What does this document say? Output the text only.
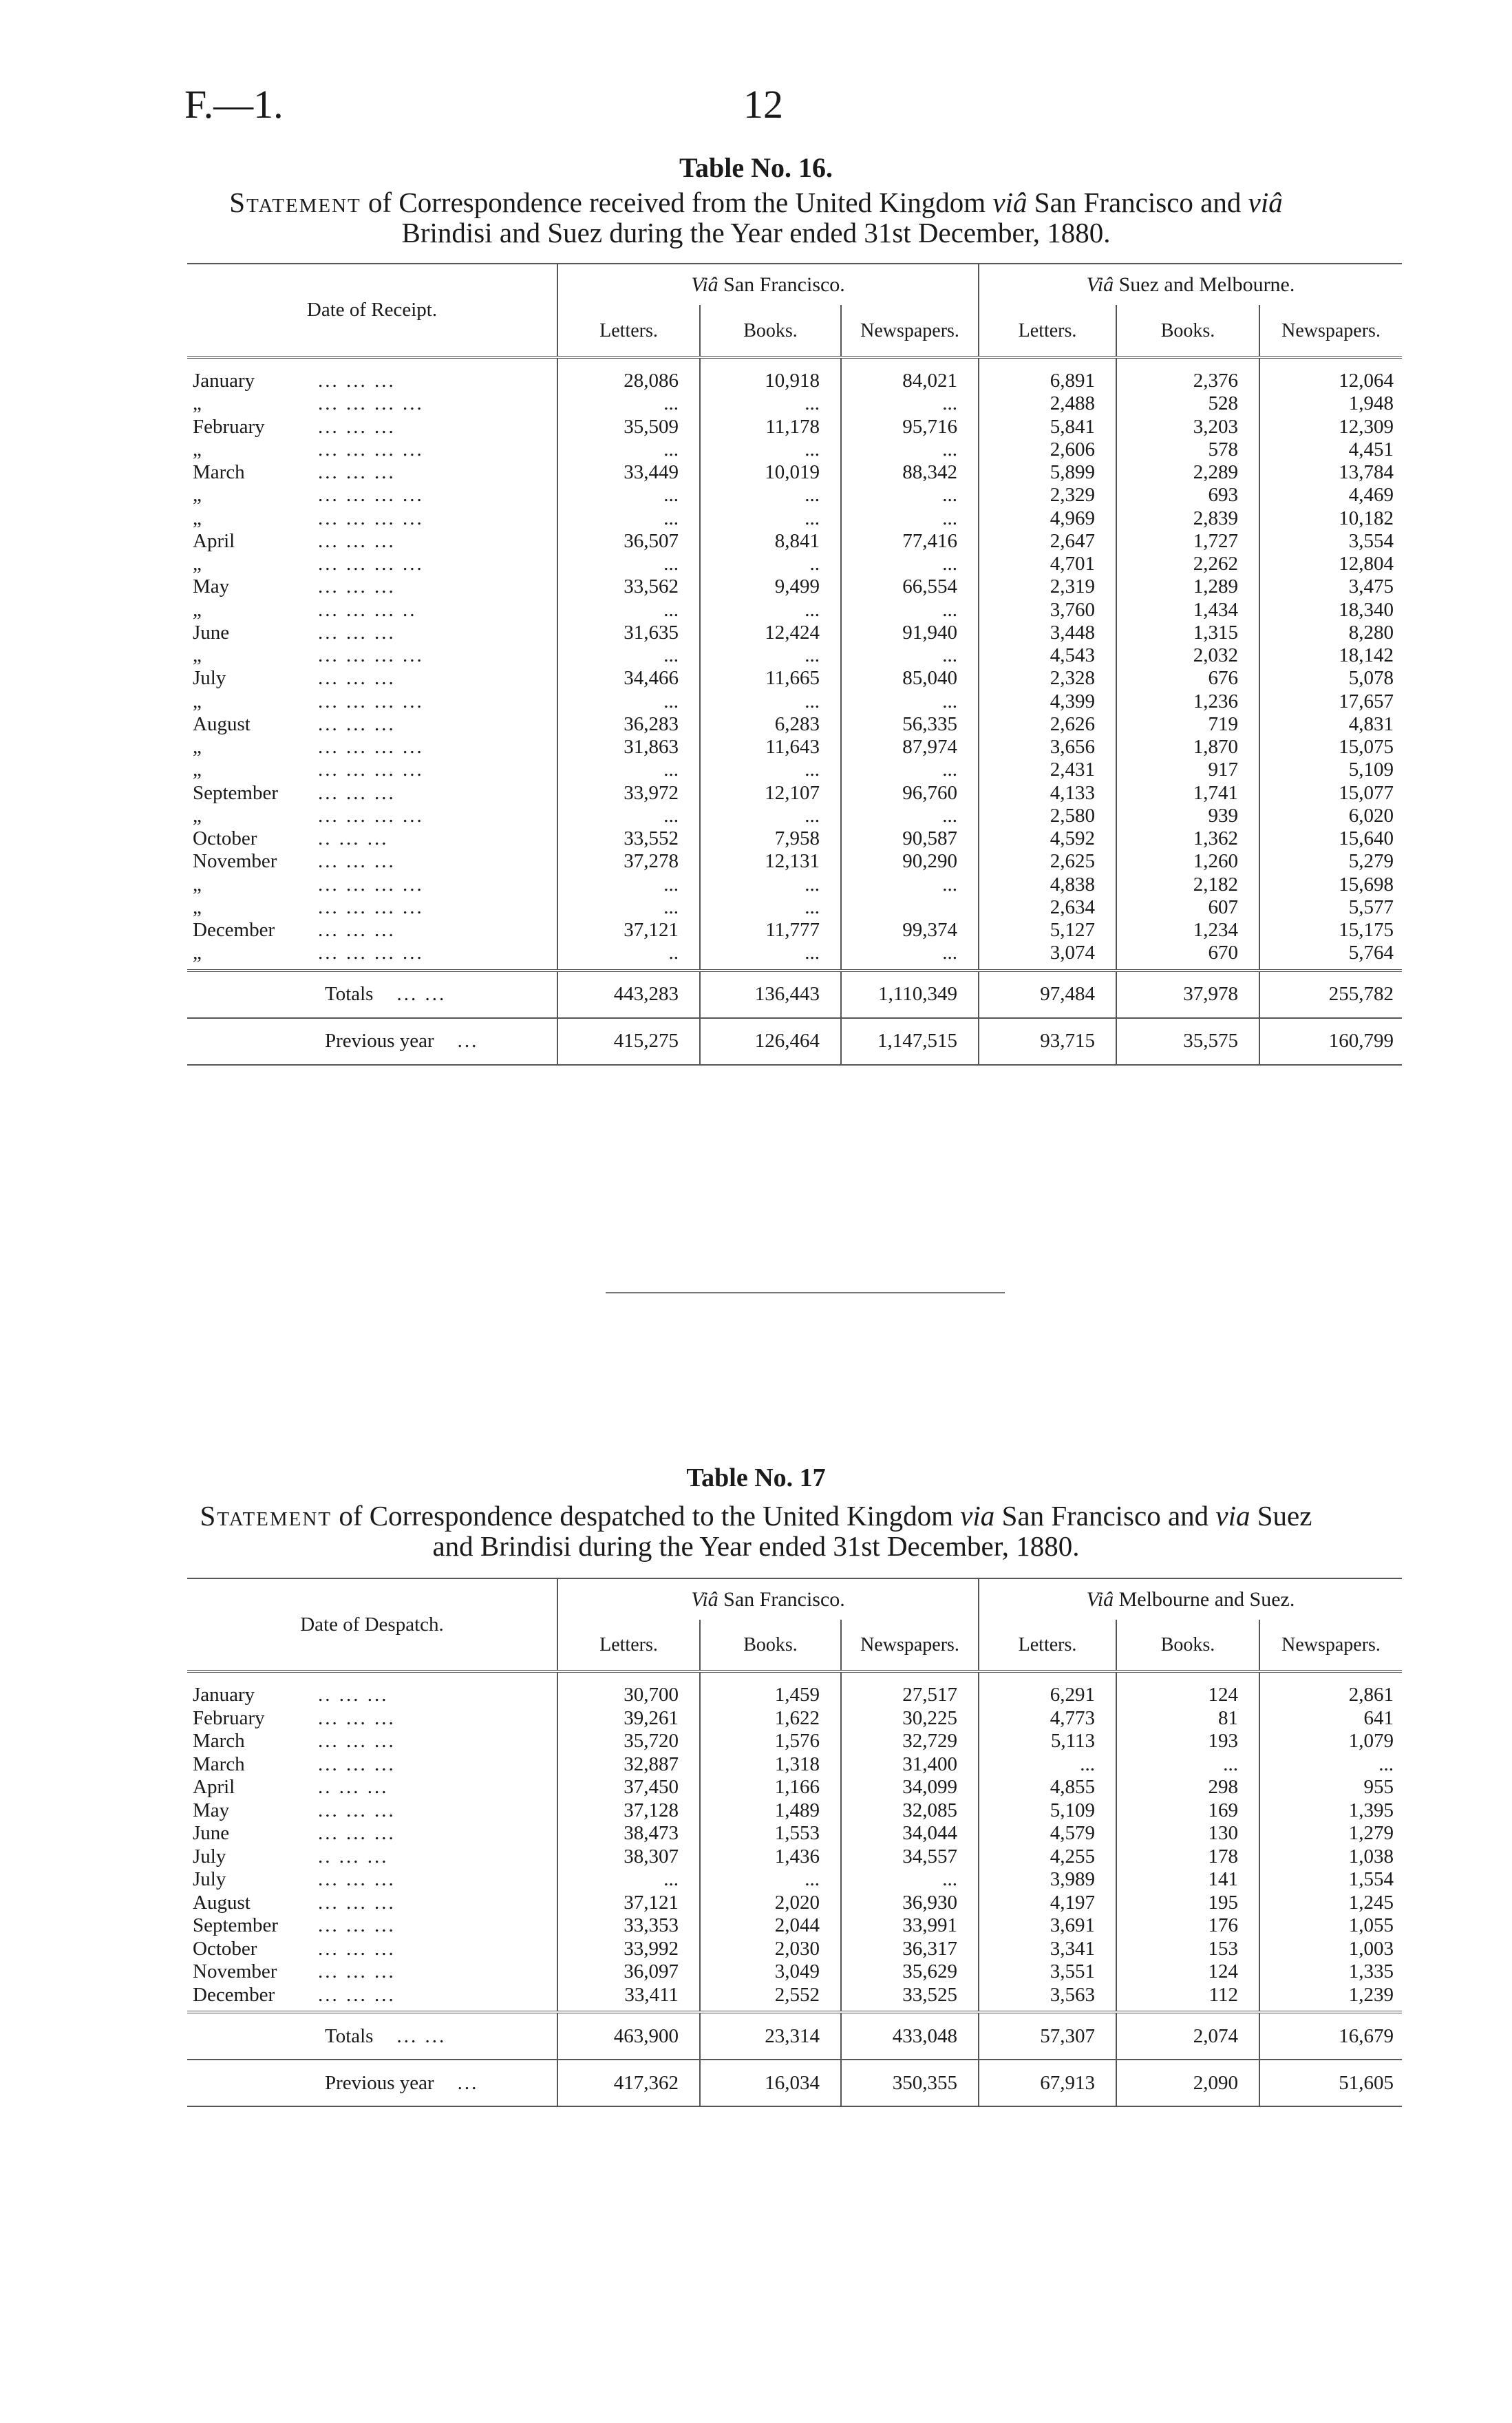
F.—1.	12
Table No. 16.
Statement of Correspondence received from the United Kingdom viâ San Francisco and viâ
Brindisi and Suez during the Year ended 31st December, 1880.
Date of Receipt.		Viâ San Francisco.			Viâ Suez and Melbourne.		
		Letters.	Books.	Newspapers.	Letters.	Books.	Newspapers.

January	... ... ...	28,086	10,918	84,021	6,891	2,376	12,064
„	... ... ... ...	...	...	...	2,488	528	1,948
February	... ... ...	35,509	11,178	95,716	5,841	3,203	12,309
„	... ... ... ...	...	...	...	2,606	578	4,451
March	... ... ...	33,449	10,019	88,342	5,899	2,289	13,784
„	... ... ... ...	...	...	...	2,329	693	4,469
„	... ... ... ...	...	...	...	4,969	2,839	10,182
April	... ... ...	36,507	8,841	77,416	2,647	1,727	3,554
„	... ... ... ...	...	..	...	4,701	2,262	12,804
May	... ... ...	33,562	9,499	66,554	2,319	1,289	3,475
„	... ... ... ..	...	...	...	3,760	1,434	18,340
June	... ... ...	31,635	12,424	91,940	3,448	1,315	8,280
„	... ... ... ...	...	...	...	4,543	2,032	18,142
July	... ... ...	34,466	11,665	85,040	2,328	676	5,078
„	... ... ... ...	...	...	...	4,399	1,236	17,657
August	... ... ...	36,283	6,283	56,335	2,626	719	4,831
„	... ... ... ...	31,863	11,643	87,974	3,656	1,870	15,075
„	... ... ... ...	...	...	...	2,431	917	5,109
September	... ... ...	33,972	12,107	96,760	4,133	1,741	15,077
„	... ... ... ...	...	...	...	2,580	939	6,020
October	.. ... ...	33,552	7,958	90,587	4,592	1,362	15,640
November	... ... ...	37,278	12,131	90,290	2,625	1,260	5,279
„	... ... ... ...	...	...	...	4,838	2,182	15,698
„	... ... ... ...	...	...		2,634	607	5,577
December	... ... ...	37,121	11,777	99,374	5,127	1,234	15,175
„	... ... ... ...	..	...	...	3,074	670	5,764

	Totals ... ...	443,283	136,443	1,110,349	97,484	37,978	255,782
	Previous year ...	415,275	126,464	1,147,515	93,715	35,575	160,799
Table No. 17
Statement of Correspondence despatched to the United Kingdom via San Francisco and via Suez
and Brindisi during the Year ended 31st December, 1880.
Date of Despatch.		Viâ San Francisco.			Viâ Melbourne and Suez.		
		Letters.	Books.	Newspapers.	Letters.	Books.	Newspapers.

January	.. ... ...	30,700	1,459	27,517	6,291	124	2,861
February	... ... ...	39,261	1,622	30,225	4,773	81	641
March	... ... ...	35,720	1,576	32,729	5,113	193	1,079
March	... ... ...	32,887	1,318	31,400	...	...	...
April	.. ... ...	37,450	1,166	34,099	4,855	298	955
May	... ... ...	37,128	1,489	32,085	5,109	169	1,395
June	... ... ...	38,473	1,553	34,044	4,579	130	1,279
July	.. ... ...	38,307	1,436	34,557	4,255	178	1,038
July	... ... ...	...	...	...	3,989	141	1,554
August	... ... ...	37,121	2,020	36,930	4,197	195	1,245
September	... ... ...	33,353	2,044	33,991	3,691	176	1,055
October	... ... ...	33,992	2,030	36,317	3,341	153	1,003
November	... ... ...	36,097	3,049	35,629	3,551	124	1,335
December	... ... ...	33,411	2,552	33,525	3,563	112	1,239

	Totals ... ...	463,900	23,314	433,048	57,307	2,074	16,679
	Previous year ...	417,362	16,034	350,355	67,913	2,090	51,605
